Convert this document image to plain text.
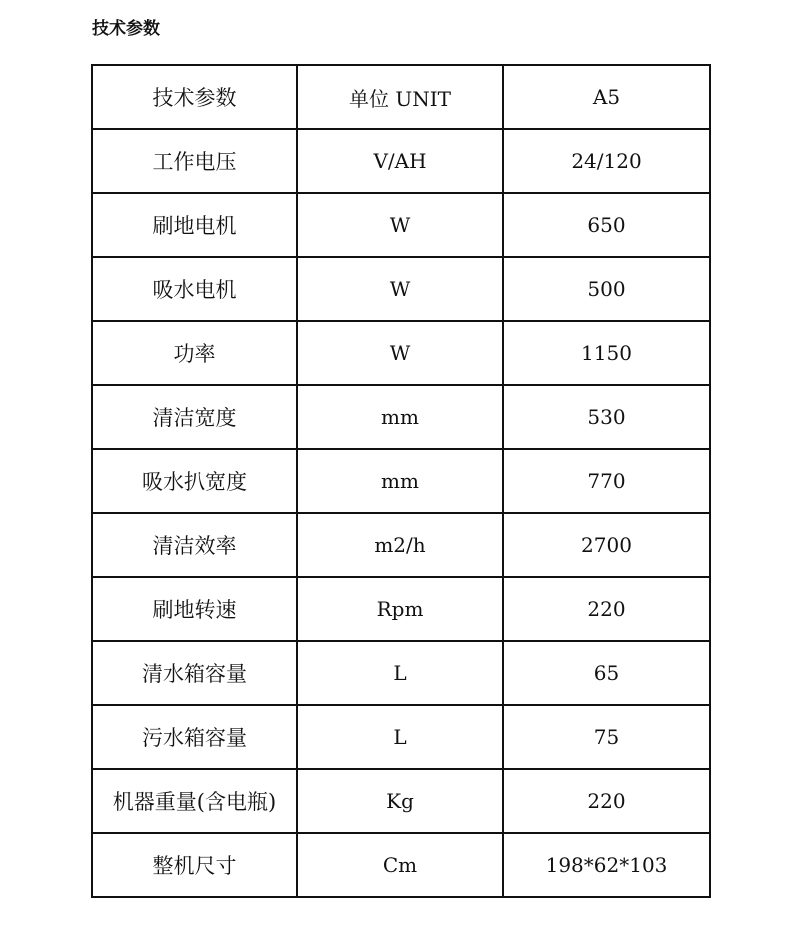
技术参数
技术参数	单位 UNIT	A5
工作电压	V/AH	24/120
刷地电机	W	650
吸水电机	W	500
功率	W	1150
清洁宽度	mm	530
吸水扒宽度	mm	770
清洁效率	m2/h	2700
刷地转速	Rpm	220
清水箱容量	L	65
污水箱容量	L	75
机器重量(含电瓶)	Kg	220
整机尺寸	Cm	198*62*103
